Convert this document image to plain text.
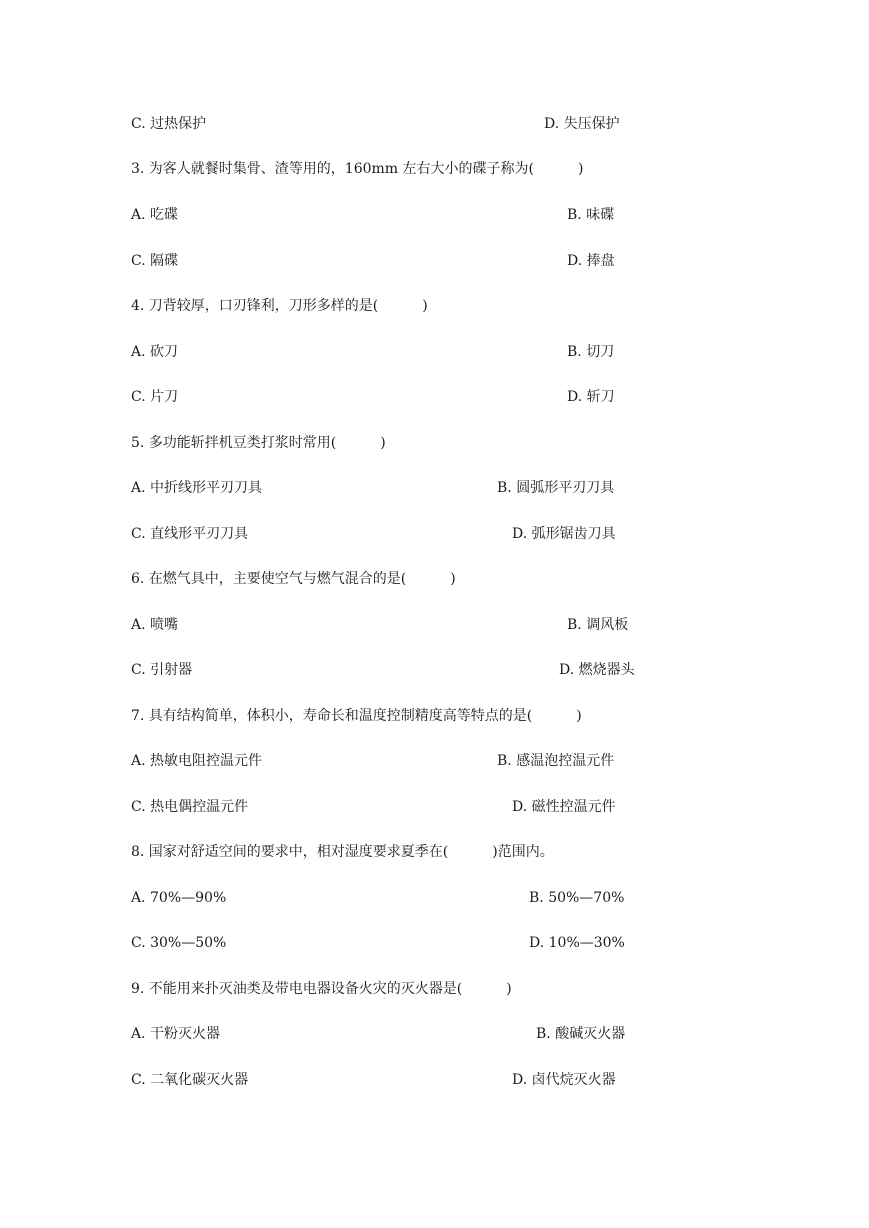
C. 过热保护	D. 失压保护
3. 为客人就餐时集骨、渣等用的，160mm 左右大小的碟子称为(	)
A. 吃碟	B. 味碟
C. 隔碟	D. 捧盘
4. 刀背较厚，口刃锋利，刀形多样的是(	)
A. 砍刀	B. 切刀
C. 片刀	D. 斩刀
5. 多功能斩拌机豆类打浆时常用(	)
A. 中折线形平刃刀具	B. 圆弧形平刃刀具
C. 直线形平刃刀具	D. 弧形锯齿刀具
6. 在燃气具中，主要使空气与燃气混合的是(	)
A. 喷嘴	B. 调风板
C. 引射器	D. 燃烧器头
7. 具有结构简单，体积小，寿命长和温度控制精度高等特点的是(	)
A. 热敏电阻控温元件	B. 感温泡控温元件
C. 热电偶控温元件	D. 磁性控温元件
8. 国家对舒适空间的要求中，相对湿度要求夏季在(	)范围内。
A. 70%—90%	B. 50%—70%
C. 30%—50%	D. 10%—30%
9. 不能用来扑灭油类及带电电器设备火灾的灭火器是(	)
A. 干粉灭火器	B. 酸碱灭火器
C. 二氧化碳灭火器	D. 卤代烷灭火器
